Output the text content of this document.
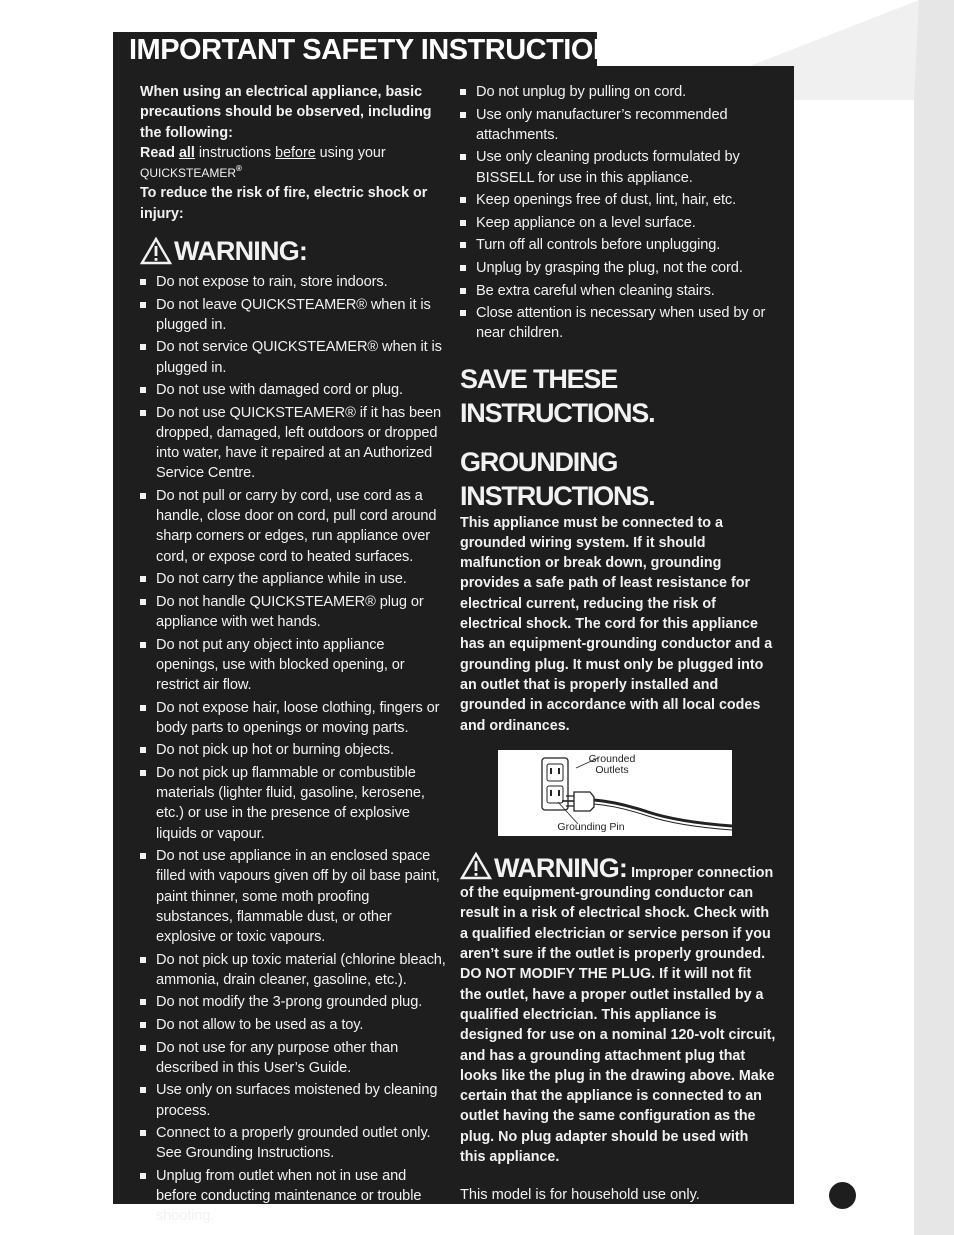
IMPORTANT SAFETY INSTRUCTIONS

When using an electrical appliance, basic precautions should be observed, including the following:
Read all instructions before using your
QUICKSTEAMER®
To reduce the risk of fire, electric shock or injury:

WARNING:
Do not expose to rain, store indoors.
Do not leave QUICKSTEAMER® when it is plugged in.
Do not service QUICKSTEAMER® when it is plugged in.
Do not use with damaged cord or plug.
Do not use QUICKSTEAMER® if it has been dropped, damaged, left outdoors or dropped into water, have it repaired at an Authorized Service Centre.
Do not pull or carry by cord, use cord as a handle, close door on cord, pull cord around sharp corners or edges, run appliance over cord, or expose cord to heated surfaces.
Do not carry the appliance while in use.
Do not handle QUICKSTEAMER® plug or appliance with wet hands.
Do not put any object into appliance openings, use with blocked opening, or restrict air flow.
Do not expose hair, loose clothing, fingers or body parts to openings or moving parts.
Do not pick up hot or burning objects.
Do not pick up flammable or combustible materials (lighter fluid, gasoline, kerosene, etc.) or use in the presence of explosive liquids or vapour.
Do not use appliance in an enclosed space filled with vapours given off by oil base paint, paint thinner, some moth proofing substances, flammable dust, or other explosive or toxic vapours.
Do not pick up toxic material (chlorine bleach, ammonia, drain cleaner, gasoline, etc.).
Do not modify the 3-prong grounded plug.
Do not allow to be used as a toy.
Do not use for any purpose other than described in this User’s Guide.
Use only on surfaces moistened by cleaning process.
Connect to a properly grounded outlet only. See Grounding Instructions.
Unplug from outlet when not in use and before conducting maintenance or trouble shooting.
Do not unplug by pulling on cord.
Use only manufacturer’s recommended attachments.
Use only cleaning products formulated by BISSELL for use in this appliance.
Keep openings free of dust, lint, hair, etc.
Keep appliance on a level surface.
Turn off all controls before unplugging.
Unplug by grasping the plug, not the cord.
Be extra careful when cleaning stairs.
Close attention is necessary when used by or near children.

SAVE THESE INSTRUCTIONS.

GROUNDING INSTRUCTIONS.

This appliance must be connected to a grounded wiring system. If it should malfunction or break down, grounding provides a safe path of least resistance for electrical current, reducing the risk of electrical shock. The cord for this appliance has an equipment-grounding conductor and a grounding plug. It must only be plugged into an outlet that is properly installed and grounded in accordance with all local codes and ordinances.

Grounded
Outlets
Grounding Pin
WARNING: Improper connection of the equipment-grounding conductor can result in a risk of electrical shock. Check with a qualified electrician or service person if you aren’t sure if the outlet is properly grounded. DO NOT MODIFY THE PLUG. If it will not fit the outlet, have a proper outlet installed by a qualified electrician. This appliance is designed for use on a nominal 120-volt circuit, and has a grounding attachment plug that looks like the plug in the drawing above. Make certain that the appliance is connected to an outlet having the same configuration as the plug. No plug adapter should be used with this appliance.

This model is for household use only.
